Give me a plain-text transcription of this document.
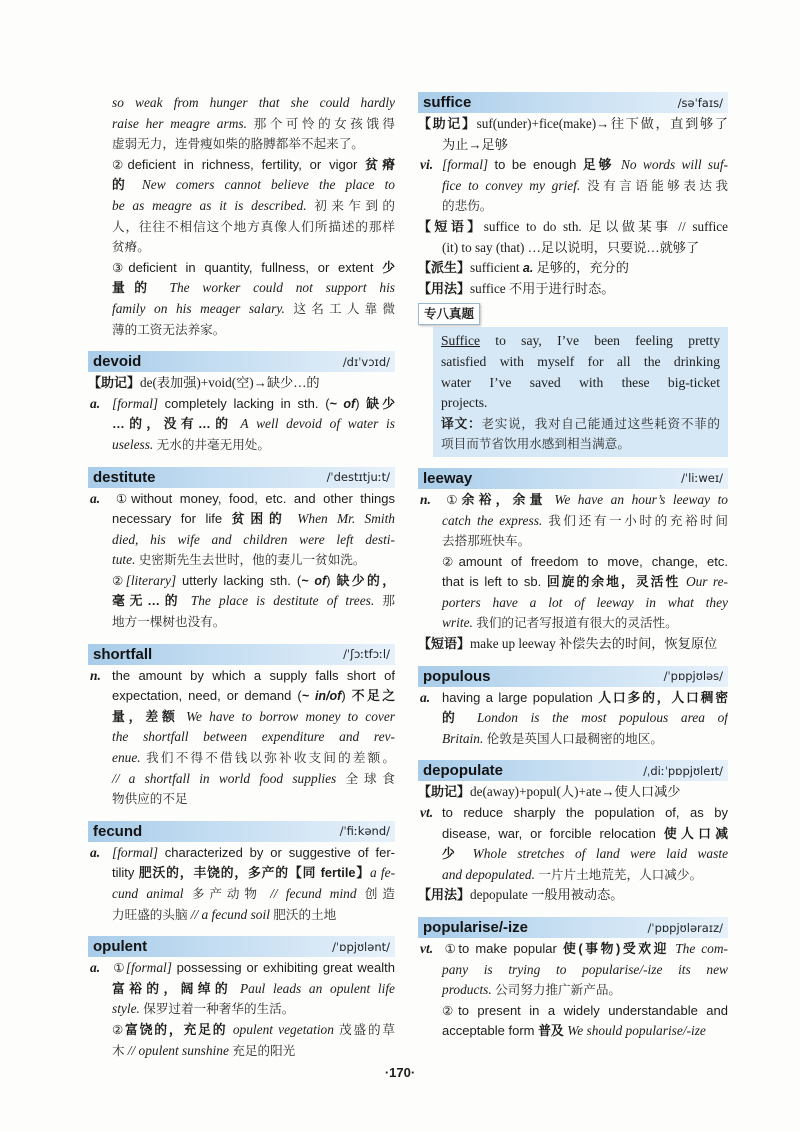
so weak from hunger that she could hardly
raise her meagre arms. 那个可怜的女孩饿得
虚弱无力，连骨瘦如柴的胳膊都举不起来了。
②deficient in richness, fertility, or vigor 贫瘠
的 New comers cannot believe the place to
be as meagre as it is described. 初来乍到的
人，往往不相信这个地方真像人们所描述的那样
贫瘠。
③deficient in quantity, fullness, or extent 少
量的 The worker could not support his
family on his meager salary. 这名工人靠微
薄的工资无法养家。
devoid	/dɪˈvɔɪd/
【助记】de(表加强)+void(空)→缺少…的
a. [formal] completely lacking in sth. (~ of) 缺少
…的，没有…的 A well devoid of water is
useless. 无水的井毫无用处。
destitute	/ˈdestɪtjuːt/
a. ①without money, food, etc. and other things
necessary for life 贫困的 When Mr. Smith
died, his wife and children were left desti-
tute. 史密斯先生去世时，他的妻儿一贫如洗。
②[literary] utterly lacking sth. (~ of) 缺少的，
毫无…的 The place is destitute of trees. 那
地方一棵树也没有。
shortfall	/ˈʃɔːtfɔːl/
n. the amount by which a supply falls short of
expectation, need, or demand (~ in/of) 不足之
量，差额 We have to borrow money to cover
the shortfall between expenditure and rev-
enue. 我们不得不借钱以弥补收支间的差额。
// a shortfall in world food supplies 全球食
物供应的不足
fecund	/ˈfiːkənd/
a. [formal] characterized by or suggestive of fer-
tility 肥沃的，丰饶的，多产的【同 fertile】a fe-
cund animal 多产动物 // fecund mind 创造
力旺盛的头脑 // a fecund soil 肥沃的土地
opulent	/ˈɒpjʊlənt/
a. ①[formal] possessing or exhibiting great wealth
富裕的，阔绰的 Paul leads an opulent life
style. 保罗过着一种奢华的生活。
②富饶的，充足的 opulent vegetation 茂盛的草
木 // opulent sunshine 充足的阳光
suffice	/səˈfaɪs/
【助记】suf(under)+fice(make)→往下做，直到够了
为止→足够
vi. [formal] to be enough 足够 No words will suf-
fice to convey my grief. 没有言语能够表达我
的悲伤。
【短语】suffice to do sth. 足以做某事 // suffice
(it) to say (that) …足以说明，只要说…就够了
【派生】sufficient a. 足够的，充分的
【用法】suffice 不用于进行时态。
专八真题
Suffice to say, I’ve been feeling pretty
satisfied with myself for all the drinking
water I’ve saved with these big-ticket
projects.
译文：老实说，我对自己能通过这些耗资不菲的
项目而节省饮用水感到相当满意。
leeway	/ˈliːweɪ/
n. ①余裕，余量 We have an hour’s leeway to
catch the express. 我们还有一小时的充裕时间
去搭那班快车。
②amount of freedom to move, change, etc.
that is left to sb. 回旋的余地，灵活性 Our re-
porters have a lot of leeway in what they
write. 我们的记者写报道有很大的灵活性。
【短语】make up leeway 补偿失去的时间，恢复原位
populous	/ˈpɒpjʊləs/
a. having a large population 人口多的，人口稠密
的 London is the most populous area of
Britain. 伦敦是英国人口最稠密的地区。
depopulate	/ˌdiːˈpɒpjʊleɪt/
【助记】de(away)+popul(人)+ate→使人口减少
vt. to reduce sharply the population of, as by
disease, war, or forcible relocation 使人口减
少 Whole stretches of land were laid waste
and depopulated. 一片片土地荒芜，人口减少。
【用法】depopulate 一般用被动态。
popularise/-ize	/ˈpɒpjʊləraɪz/
vt. ①to make popular 使(事物)受欢迎 The com-
pany is trying to popularise/-ize its new
products. 公司努力推广新产品。
②to present in a widely understandable and
acceptable form 普及 We should popularise/-ize
·170·
